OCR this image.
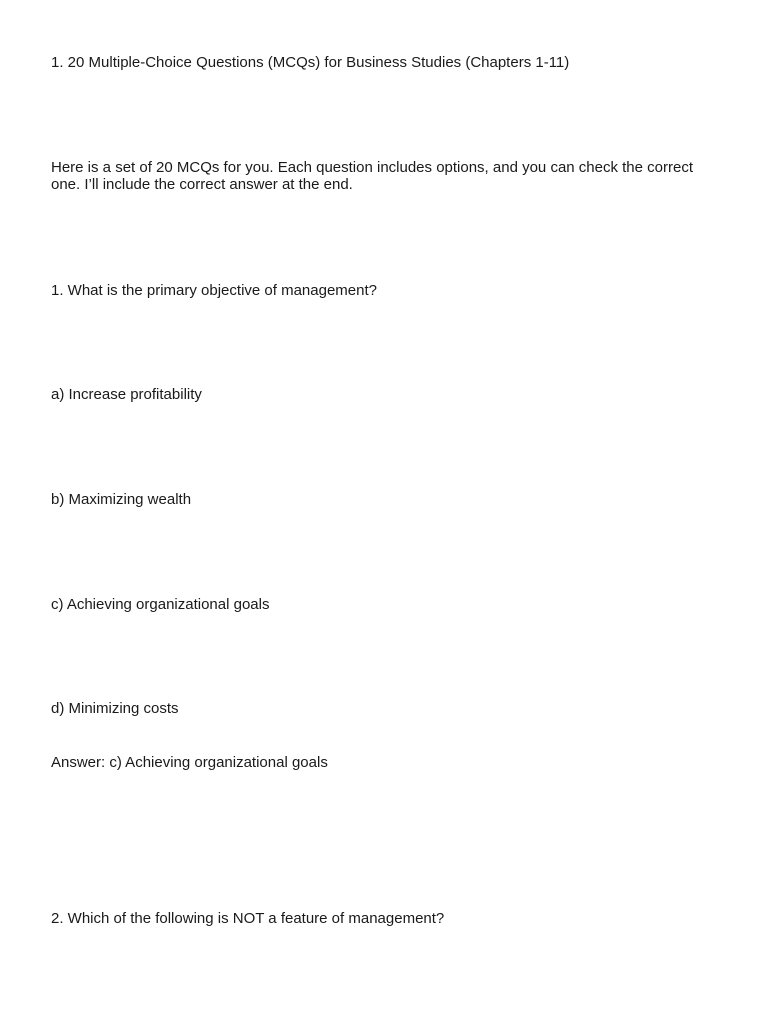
1. 20 Multiple-Choice Questions (MCQs) for Business Studies (Chapters 1-11)

Here is a set of 20 MCQs for you. Each question includes options, and you can check the correct one. I’ll include the correct answer at the end.

1. What is the primary objective of management?

a) Increase profitability

b) Maximizing wealth

c) Achieving organizational goals

d) Minimizing costs

Answer: c) Achieving organizational goals

2. Which of the following is NOT a feature of management?
